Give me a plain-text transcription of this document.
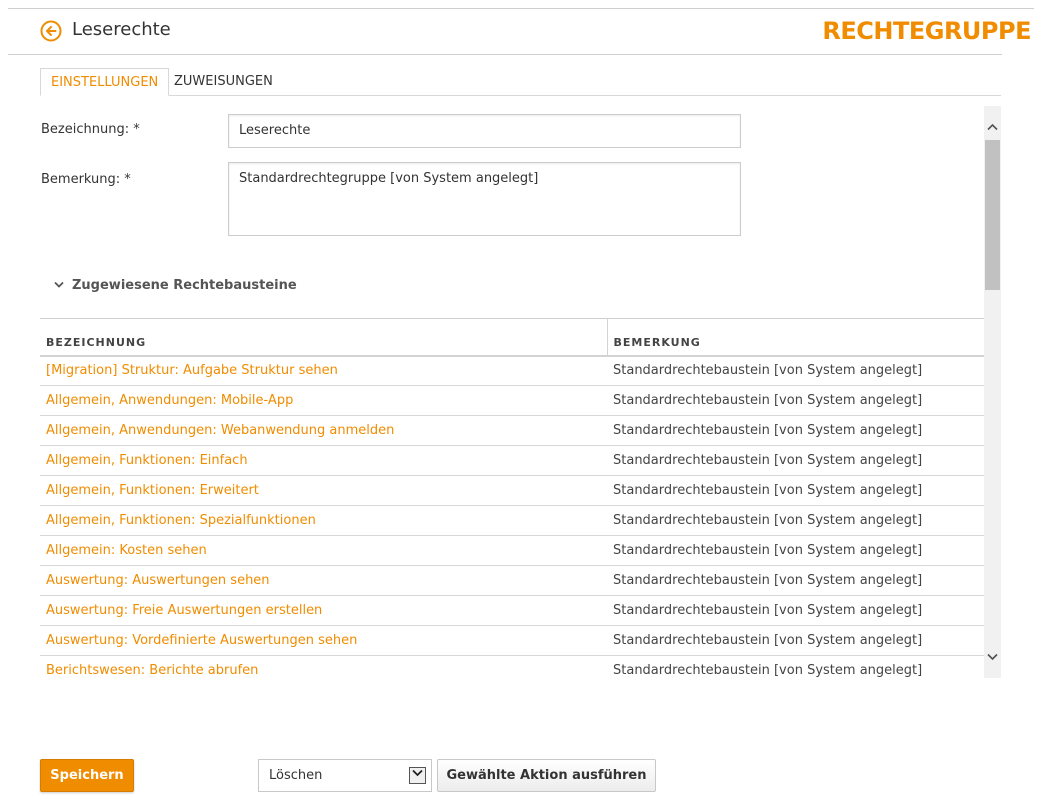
Leserechte	RECHTEGRUPPE
EINSTELLUNGEN	ZUWEISUNGEN
Bezeichnung: *	Leserechte
Bemerkung: *	Standardrechtegruppe [von System angelegt]
Zugewiesene Rechtebausteine
BEZEICHNUNG	BEMERKUNG
[Migration] Struktur: Aufgabe Struktur sehen	Standardrechtebaustein [von System angelegt]
Allgemein, Anwendungen: Mobile-App	Standardrechtebaustein [von System angelegt]
Allgemein, Anwendungen: Webanwendung anmelden	Standardrechtebaustein [von System angelegt]
Allgemein, Funktionen: Einfach	Standardrechtebaustein [von System angelegt]
Allgemein, Funktionen: Erweitert	Standardrechtebaustein [von System angelegt]
Allgemein, Funktionen: Spezialfunktionen	Standardrechtebaustein [von System angelegt]
Allgemein: Kosten sehen	Standardrechtebaustein [von System angelegt]
Auswertung: Auswertungen sehen	Standardrechtebaustein [von System angelegt]
Auswertung: Freie Auswertungen erstellen	Standardrechtebaustein [von System angelegt]
Auswertung: Vordefinierte Auswertungen sehen	Standardrechtebaustein [von System angelegt]
Berichtswesen: Berichte abrufen	Standardrechtebaustein [von System angelegt]
Speichern	Löschen	Gewählte Aktion ausführen
